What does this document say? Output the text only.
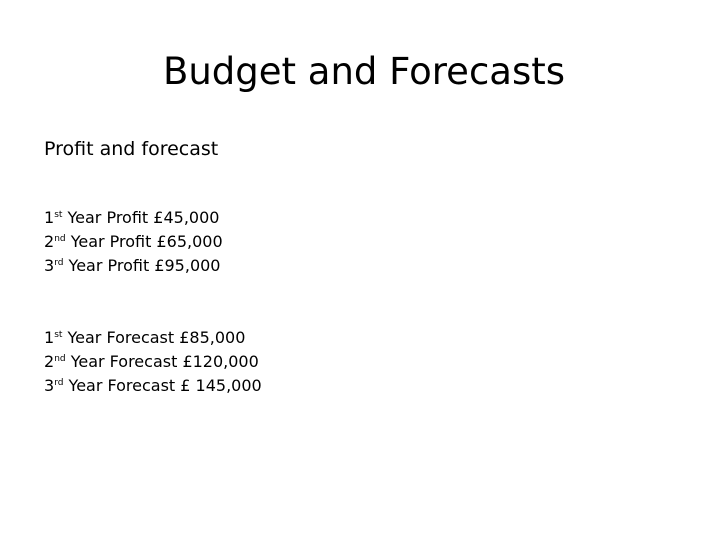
Budget and Forecasts

Profit and forecast

1st Year Profit £45,000
2nd Year Profit £65,000
3rd Year Profit £95,000
1st Year Forecast £85,000
2nd Year Forecast £120,000
3rd Year Forecast £ 145,000
